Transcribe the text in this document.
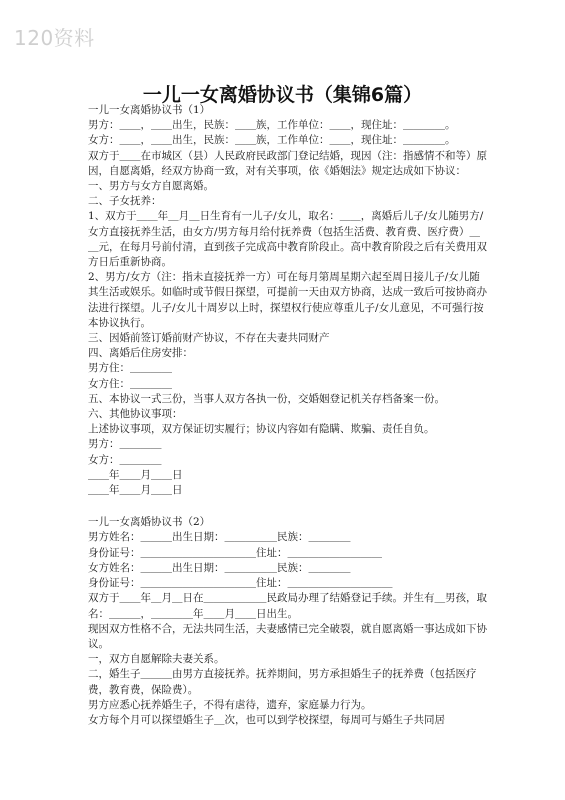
120资料
一儿一女离婚协议书（集锦6篇）

一儿一女离婚协议书（1）

男方：＿＿，＿＿出生，民族：＿＿族，工作单位：＿＿，现住址：＿＿＿＿。

女方：＿＿，＿＿出生，民族：＿＿族，工作单位：＿＿，现住址：＿＿＿＿。

双方于＿＿在市城区（县）人民政府民政部门登记结婚，现因（注：指感情不和等）原因，自愿离婚，经双方协商一致，对有关事项，依《婚姻法》规定达成如下协议：

一、男方与女方自愿离婚。

二、子女抚养：

1、双方于＿＿年＿月＿日生育有一儿子/女儿，取名：＿＿，离婚后儿子/女儿随男方/女方直接抚养生活，由女方/男方每月给付抚养费（包括生活费、教育费、医疗费）＿＿元，在每月号前付清，直到孩子完成高中教育阶段止。高中教育阶段之后有关费用双方日后重新协商。

2、男方/女方（注：指未直接抚养一方）可在每月第周星期六起至周日接儿子/女儿随其生活或娱乐。如临时或节假日探望，可提前一天由双方协商，达成一致后可按协商办法进行探望。儿子/女儿十周岁以上时，探望权行使应尊重儿子/女儿意见，不可强行按本协议执行。

三、因婚前签订婚前财产协议，不存在夫妻共同财产

四、离婚后住房安排：

男方住：＿＿＿＿

女方住：＿＿＿＿

五、本协议一式三份，当事人双方各执一份，交婚姻登记机关存档备案一份。

六、其他协议事项：

上述协议事项，双方保证切实履行；协议内容如有隐瞒、欺骗、责任自负。

男方：＿＿＿＿

女方：＿＿＿＿

＿＿年＿＿月＿＿日

＿＿年＿＿月＿＿日

一儿一女离婚协议书（2）

男方姓名：＿＿＿出生日期：＿＿＿＿＿民族：＿＿＿＿

身份证号：＿＿＿＿＿＿＿＿＿＿＿住址：＿＿＿＿＿＿＿＿＿

女方姓名：＿＿＿出生日期：＿＿＿＿＿民族：＿＿＿＿

身份证号：＿＿＿＿＿＿＿＿＿＿＿住址：＿＿＿＿＿＿＿＿＿＿

双方于＿＿年＿月＿日在＿＿＿＿＿＿民政局办理了结婚登记手续。并生有＿男孩，取名：＿＿＿，＿＿＿＿年＿＿月＿＿日出生。

现因双方性格不合，无法共同生活，夫妻感情已完全破裂，就自愿离婚一事达成如下协议。

一，双方自愿解除夫妻关系。

二，婚生子＿＿＿由男方直接抚养。抚养期间，男方承担婚生子的抚养费（包括医疗费，教育费，保险费）。

男方应悉心抚养婚生子，不得有虐待，遗弃，家庭暴力行为。

女方每个月可以探望婚生子＿次，也可以到学校探望，每周可与婚生子共同居
